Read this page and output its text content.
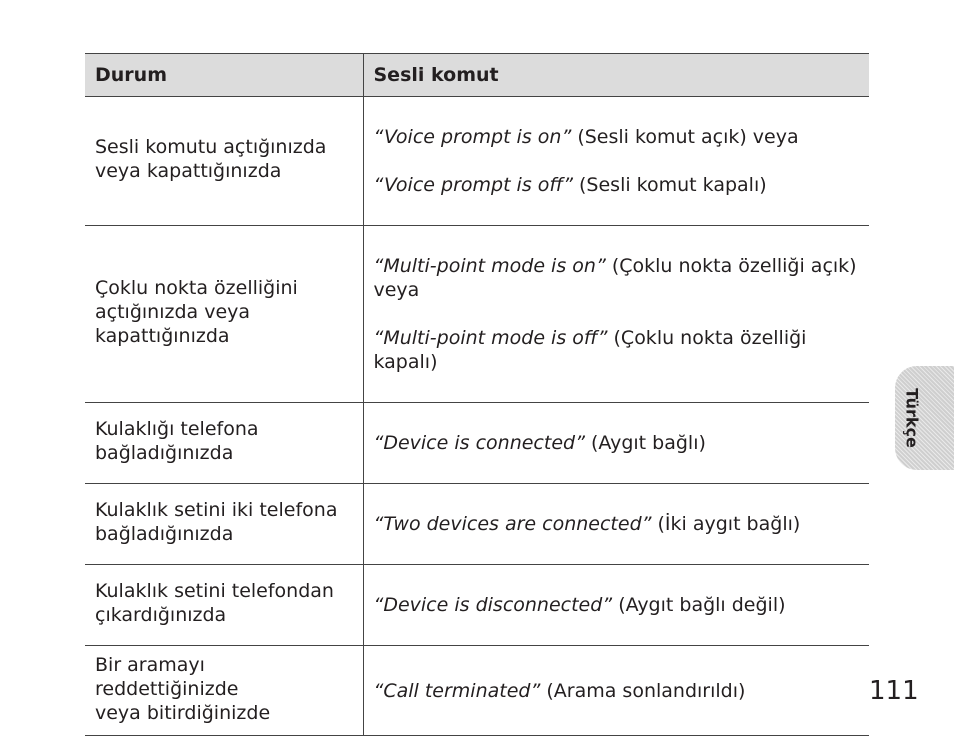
Durum	Sesli komut

Sesli komutu açtığınızda
veya kapattığınızda	“Voice prompt is on” (Sesli komut açık) veya

“Voice prompt is off” (Sesli komut kapalı)

Çoklu nokta özelliğini
açtığınızda veya
kapattığınızda	“Multi-point mode is on” (Çoklu nokta özelliği açık) veya

“Multi-point mode is off” (Çoklu nokta özelliği kapalı)

Kulaklığı telefona
bağladığınızda	“Device is connected” (Aygıt bağlı)

Kulaklık setini iki telefona
bağladığınızda	“Two devices are connected” (İki aygıt bağlı)

Kulaklık setini telefondan
çıkardığınızda	“Device is disconnected” (Aygıt bağlı değil)

Bir aramayı
reddettiğinizde
veya bitirdiğinizde	“Call terminated” (Arama sonlandırıldı)

Türkçe
111
